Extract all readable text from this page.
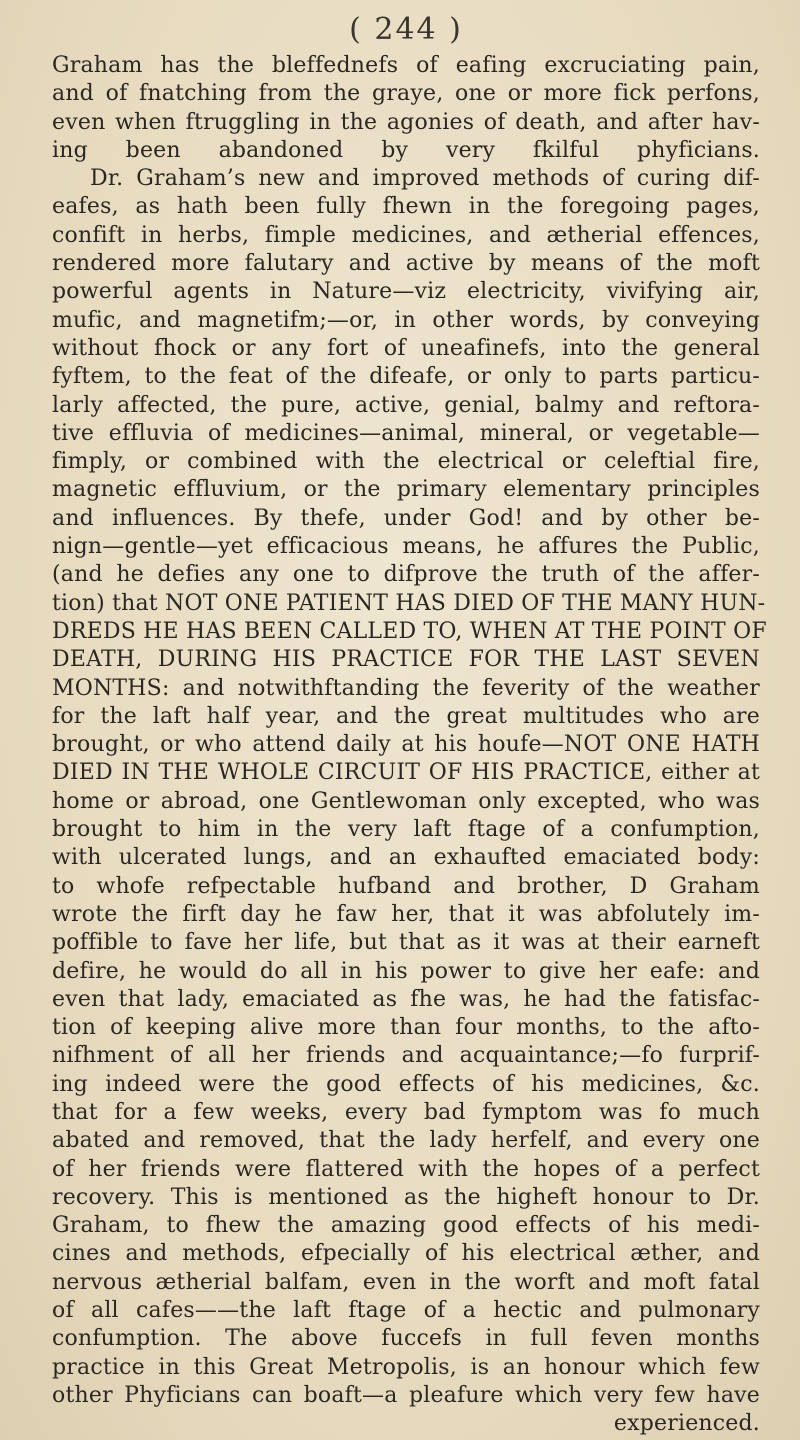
( 244 )
Graham has the bleffednefs of eafing excruciating pain,
and of fnatching from the graye, one or more fick perfons,
even when ftruggling in the agonies of death, and after hav-
ing been abandoned by very fkilful phyficians.
Dr. Graham’s new and improved methods of curing dif-
eafes, as hath been fully fhewn in the foregoing pages,
confift in herbs, fimple medicines, and ætherial effences,
rendered more falutary and active by means of the moft
powerful agents in Nature—viz electricity, vivifying air,
mufic, and magnetifm;—or, in other words, by conveying
without fhock or any fort of uneafinefs, into the general
fyftem, to the feat of the difeafe, or only to parts particu-
larly affected, the pure, active, genial, balmy and reftora-
tive effluvia of medicines—animal, mineral, or vegetable—
fimply, or combined with the electrical or celeftial fire,
magnetic effluvium, or the primary elementary principles
and influences. By thefe, under God! and by other be-
nign—gentle—yet efficacious means, he affures the Public,
(and he defies any one to difprove the truth of the affer-
tion) that NOT ONE PATIENT HAS DIED OF THE MANY HUN-
DREDS HE HAS BEEN CALLED TO, WHEN AT THE POINT OF
DEATH, DURING HIS PRACTICE FOR THE LAST SEVEN
MONTHS: and notwithftanding the feverity of the weather
for the laft half year, and the great multitudes who are
brought, or who attend daily at his houfe—NOT ONE HATH
DIED IN THE WHOLE CIRCUIT OF HIS PRACTICE, either at
home or abroad, one Gentlewoman only excepted, who was
brought to him in the very laft ftage of a confumption,
with ulcerated lungs, and an exhaufted emaciated body:
to whofe refpectable hufband and brother, D Graham
wrote the firft day he faw her, that it was abfolutely im-
poffible to fave her life, but that as it was at their earneft
defire, he would do all in his power to give her eafe: and
even that lady, emaciated as fhe was, he had the fatisfac-
tion of keeping alive more than four months, to the afto-
nifhment of all her friends and acquaintance;—fo furprif-
ing indeed were the good effects of his medicines, &c.
that for a few weeks, every bad fymptom was fo much
abated and removed, that the lady herfelf, and every one
of her friends were flattered with the hopes of a perfect
recovery. This is mentioned as the higheft honour to Dr.
Graham, to fhew the amazing good effects of his medi-
cines and methods, efpecially of his electrical æther, and
nervous ætherial balfam, even in the worft and moft fatal
of all cafes——the laft ftage of a hectic and pulmonary
confumption. The above fuccefs in full feven months
practice in this Great Metropolis, is an honour which few
other Phyficians can boaft—a pleafure which very few have
experienced.
